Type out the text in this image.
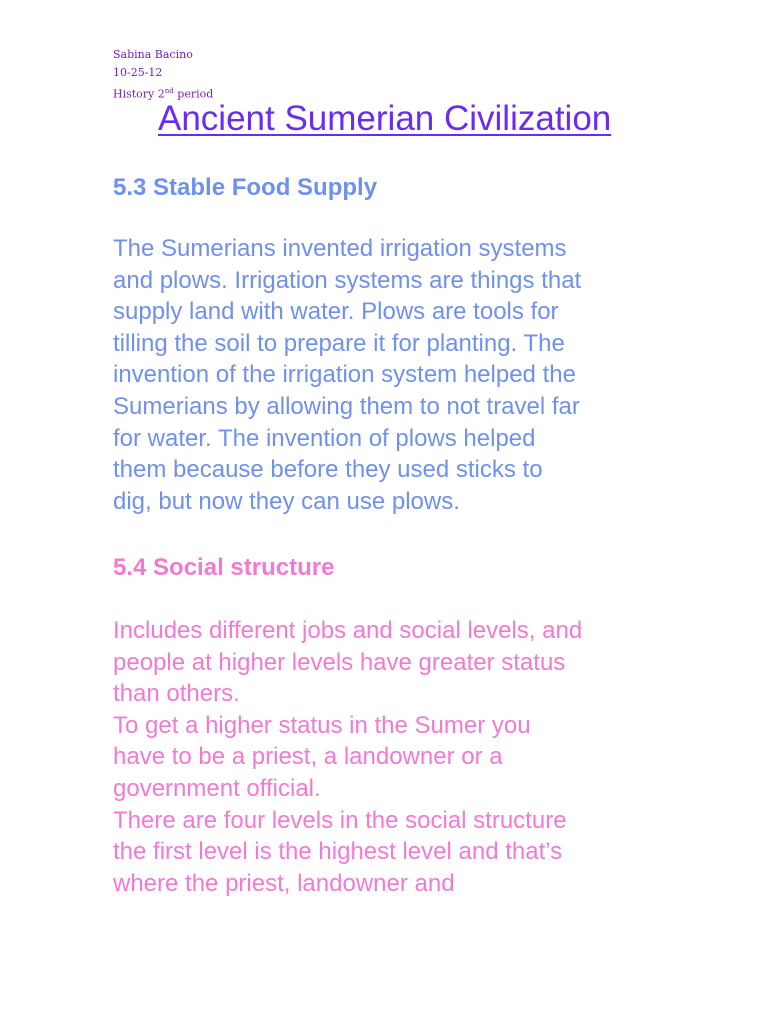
Sabina Bacino
10-25-12
History 2nd period
Ancient Sumerian Civilization
5.3 Stable Food Supply
The Sumerians invented irrigation systems
and plows. Irrigation systems are things that
supply land with water. Plows are tools for
tilling the soil to prepare it for planting. The
invention of the irrigation system helped the
Sumerians by allowing them to not travel far
for water. The invention of plows helped
them because before they used sticks to
dig, but now they can use plows.
5.4 Social structure
Includes different jobs and social levels, and
people at higher levels have greater status
than others.
To get a higher status in the Sumer you
have to be a priest, a landowner or a
government official.
There are four levels in the social structure
the first level is the highest level and that’s
where the priest, landowner and
